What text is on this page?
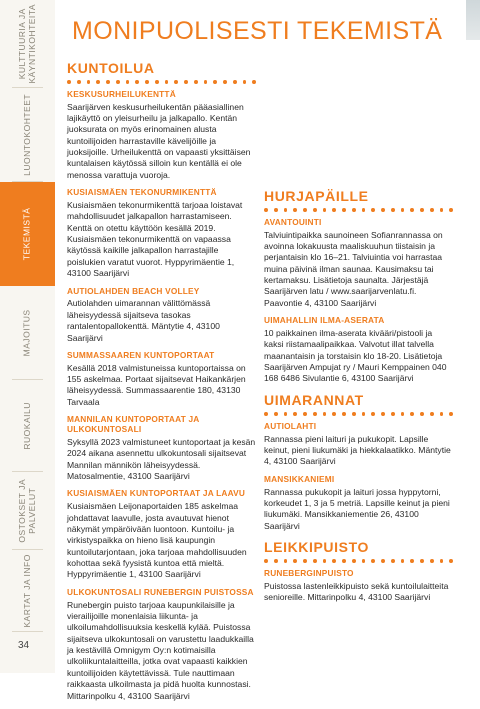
KULTTUURIA JA
KÄYNTIKOHTEITA
LUONTOKOHTEET
TEKEMISTÄ
MAJOITUS
RUOKAILU
OSTOKSET JA
PALVELUT
KARTAT JA INFO
34
MONIPUOLISESTI TEKEMISTÄ
KUNTOILUA
KESKUSURHEILUKENTTÄ
Saarijärven keskusurheilukentän pääasiallinen lajikäyttö on yleisurheilu ja jalkapallo. Kentän juoksurata on myös erinomainen alusta kuntoilijoiden harrastaville kävelijöille ja juoksijoille. Urheilukenttä on vapaasti yksittäisen kuntalaisen käytössä silloin kun kentällä ei ole menossa varattuja vuoroja.
KUSIAISMÄEN TEKONURMIKENTTÄ
Kusiaismäen tekonurmikenttä tarjoaa loistavat mahdollisuudet jalkapallon harrastamiseen. Kenttä on otettu käyttöön kesällä 2019. Kusiaismäen tekonurmikenttä on vapaassa käytössä kaikille jalkapallon harrastajille poislukien varatut vuorot. Hyppyrimäentie 1, 43100 Saarijärvi
AUTIOLAHDEN BEACH VOLLEY
Autiolahden uimarannan välittömässä läheisyydessä sijaitseva tasokas rantalentopallokenttä. Mäntytie 4, 43100 Saarijärvi
SUMMASSAAREN KUNTOPORTAAT
Kesällä 2018 valmistuneissa kuntoportaissa on 155 askelmaa. Portaat sijaitsevat Haikankärjen läheisyydessä. Summassaarentie 180, 43130 Tarvaala
MANNILAN KUNTOPORTAAT JA ULKOKUNTOSALI
Syksyllä 2023 valmistuneet kuntoportaat ja kesän 2024 aikana asennettu ulkokuntosali sijaitsevat Mannilan männikön läheisyydessä. Matosalmentie, 43100 Saarijärvi
KUSIAISMÄEN KUNTOPORTAAT JA LAAVU
Kusiaismäen Leijonaportaiden 185 askelmaa johdattavat laavulle, josta avautuvat hienot näkymät ympäröivään luontoon. Kuntoilu- ja virkistyspaikka on hieno lisä kaupungin kuntoilutarjontaan, joka tarjoaa mahdollisuuden kohottaa sekä fyysistä kuntoa että mieltä. Hyppyrimäentie 1, 43100 Saarijärvi
ULKOKUNTOSALI RUNEBERGIN PUISTOSSA
Runebergin puisto tarjoaa kaupunkilaisille ja vierailijoille monenlaisia liikunta- ja ulkoilumahdollisuuksia keskellä kylää. Puistossa sijaitseva ulkokuntosali on varustettu laadukkailla ja kestävillä Omnigym Oy:n kotimaisilla ulkoliikuntalaitteilla, jotka ovat vapaasti kaikkien kuntoilijoiden käytettävissä. Tule nauttimaan raikkaasta ulkoilmasta ja pidä huolta kunnostasi. Mittarinpolku 4, 43100 Saarijärvi
HURJAPÄILLE
AVANTOUINTI
Talviuintipaikka saunoineen Sofianrannassa on avoinna lokakuusta maaliskuuhun tiistaisin ja perjantaisin klo 16–21. Talviuintia voi harrastaa muina päivinä ilman saunaa. Kausimaksu tai kertamaksu. Lisätietoja saunalta. Järjestäjä Saarijärven latu / www.saarijarvenlatu.fi. Paavontie 4, 43100 Saarijärvi
UIMAHALLIN ILMA-ASERATA
10 paikkainen ilma-aserata kivääri/pistooli ja kaksi riistamaalipaikkaa. Valvotut illat talvella maanantaisin ja torstaisin klo 18-20. Lisätietoja Saarijärven Ampujat ry / Mauri Kemppainen 040 168 6486 Sivulantie 6, 43100 Saarijärvi
UIMARANNAT
AUTIOLAHTI
Rannassa pieni laituri ja pukukopit. Lapsille keinut, pieni liukumäki ja hiekkalaatikko. Mäntytie 4, 43100 Saarijärvi
MANSIKKANIEMI
Rannassa pukukopit ja laituri jossa hyppytorni, korkeudet 1, 3 ja 5 metriä. Lapsille keinut ja pieni liukumäki. Mansikkaniementie 26, 43100 Saarijärvi
LEIKKIPUISTO
RUNEBERGINPUISTO
Puistossa lastenleikkipuisto sekä kuntoilulaitteita senioreille. Mittarinpolku 4, 43100 Saarijärvi
